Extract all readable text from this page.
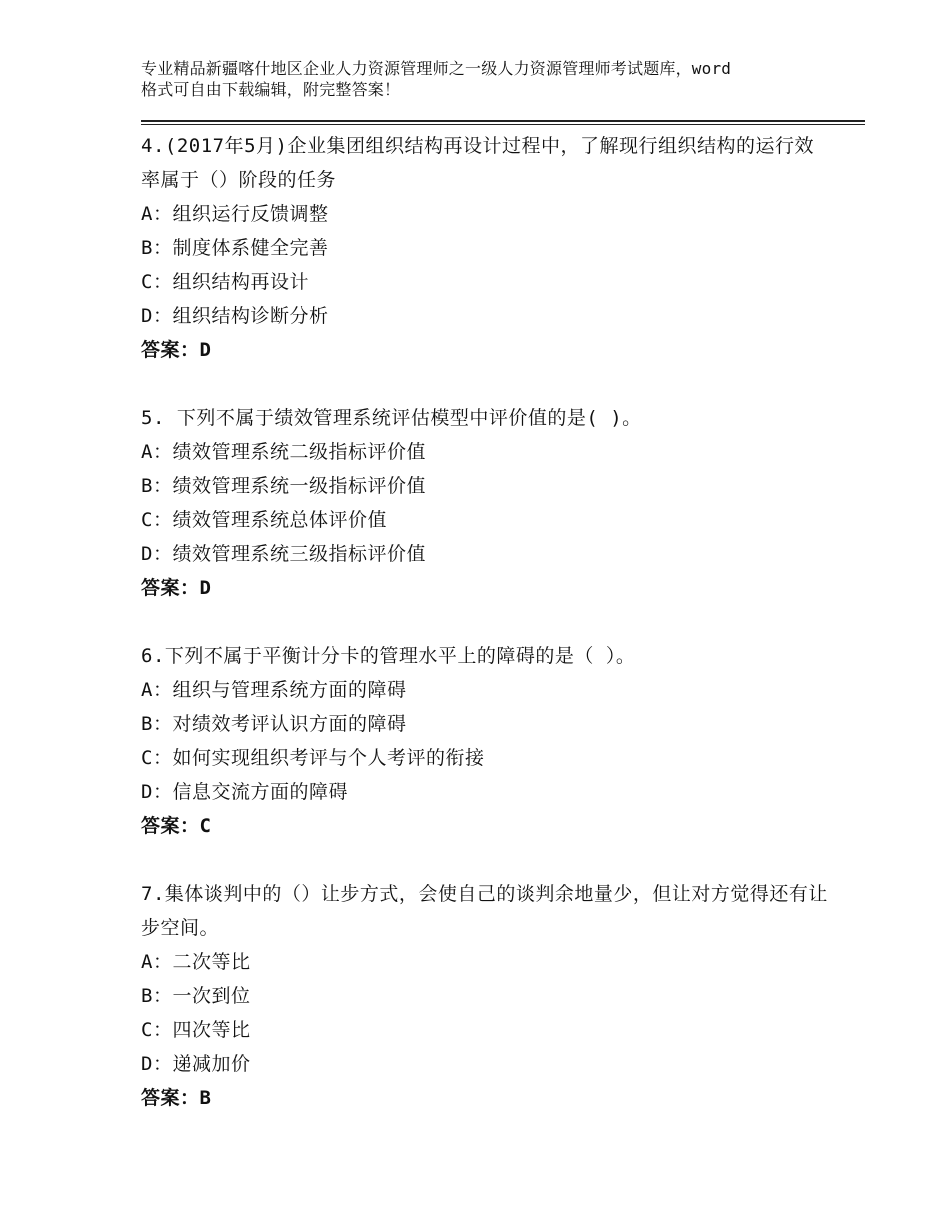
专业精品新疆喀什地区企业人力资源管理师之一级人力资源管理师考试题库，word
格式可自由下载编辑，附完整答案！
4.(2017年5月)企业集团组织结构再设计过程中，了解现行组织结构的运行效率属于（）阶段的任务
A：组织运行反馈调整
B：制度体系健全完善
C：组织结构再设计
D：组织结构诊断分析
答案：D
5. 下列不属于绩效管理系统评估模型中评价值的是( )。
A：绩效管理系统二级指标评价值
B：绩效管理系统一级指标评价值
C：绩效管理系统总体评价值
D：绩效管理系统三级指标评价值
答案：D
6.下列不属于平衡计分卡的管理水平上的障碍的是（ ）。
A：组织与管理系统方面的障碍
B：对绩效考评认识方面的障碍
C：如何实现组织考评与个人考评的衔接
D：信息交流方面的障碍
答案：C
7.集体谈判中的（）让步方式，会使自己的谈判余地量少，但让对方觉得还有让步空间。
A：二次等比
B：一次到位
C：四次等比
D：递减加价
答案：B
